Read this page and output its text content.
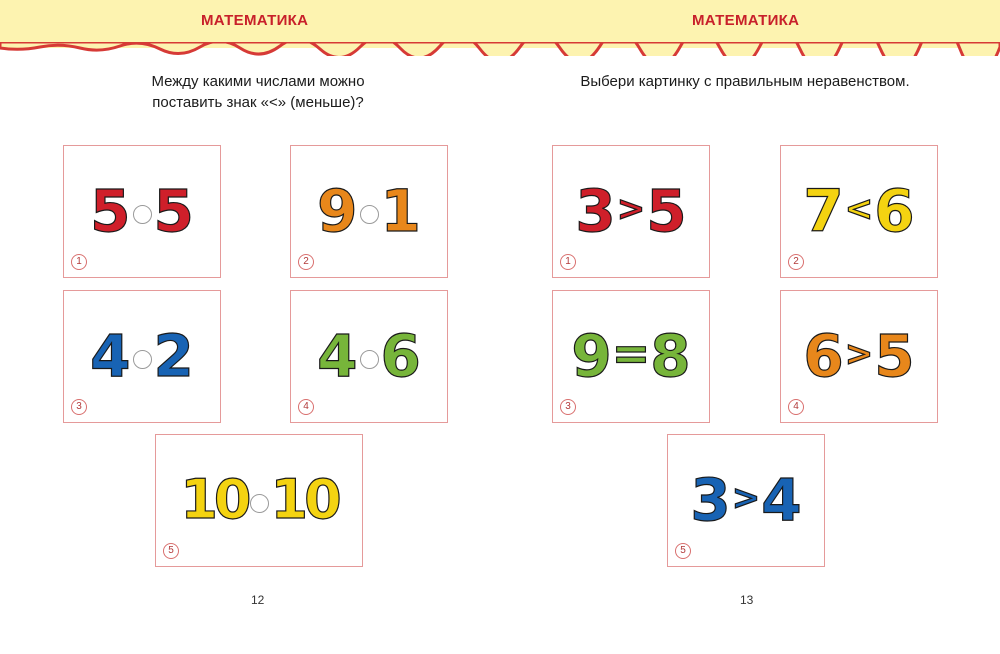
МАТЕМАТИКА
Между какими числами можно
поставить знак «<» (меньше)?
5 5
1
9 1
2
4 2
3
4 6
4
10 10
5
12
МАТЕМАТИКА
Выбери картинку с правильным неравенством.
3 > 5
1
7 < 6
2
9 = 8
3
6 > 5
4
3 > 4
5
13
